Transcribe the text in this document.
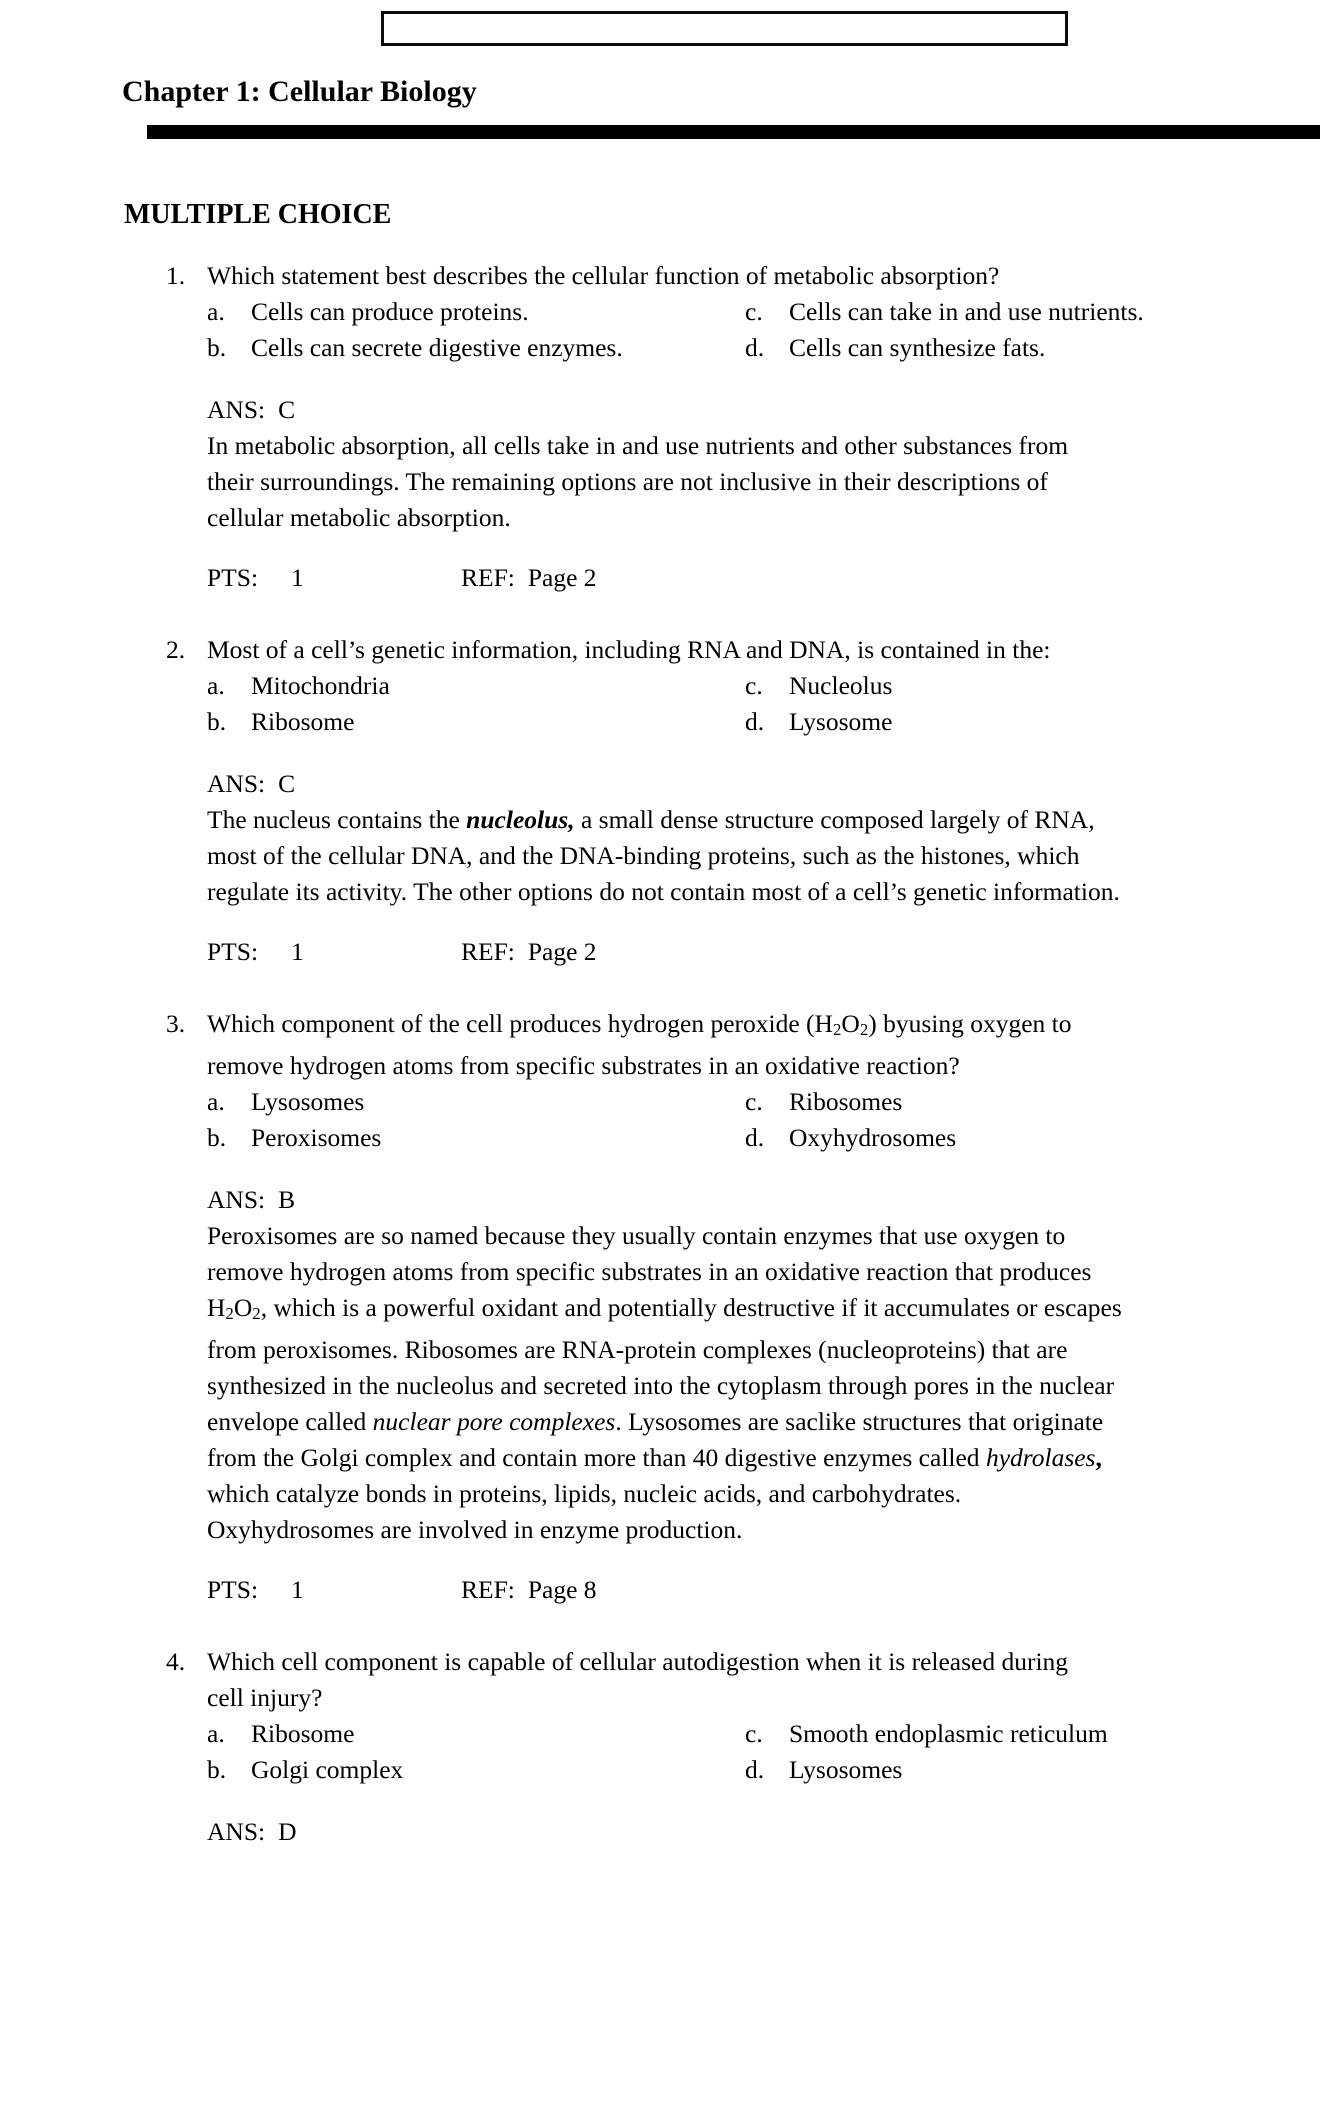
Chapter 1: Cellular Biology
MULTIPLE CHOICE
1. Which statement best describes the cellular function of metabolic absorption?
a. Cells can produce proteins.
b. Cells can secrete digestive enzymes.
c. Cells can take in and use nutrients.
d. Cells can synthesize fats.
ANS: C
In metabolic absorption, all cells take in and use nutrients and other substances from
their surroundings. The remaining options are not inclusive in their descriptions of
cellular metabolic absorption.
PTS: 1	REF: Page 2
2. Most of a cell’s genetic information, including RNA and DNA, is contained in the:
a. Mitochondria
b. Ribosome
c. Nucleolus
d. Lysosome
ANS: C
The nucleus contains the nucleolus, a small dense structure composed largely of RNA,
most of the cellular DNA, and the DNA-binding proteins, such as the histones, which
regulate its activity. The other options do not contain most of a cell’s genetic information.
PTS: 1	REF: Page 2
3. Which component of the cell produces hydrogen peroxide (H2O2) byusing oxygen to
remove hydrogen atoms from specific substrates in an oxidative reaction?
a. Lysosomes
b. Peroxisomes
c. Ribosomes
d. Oxyhydrosomes
ANS: B
Peroxisomes are so named because they usually contain enzymes that use oxygen to
remove hydrogen atoms from specific substrates in an oxidative reaction that produces
H2O2, which is a powerful oxidant and potentially destructive if it accumulates or escapes
from peroxisomes. Ribosomes are RNA-protein complexes (nucleoproteins) that are
synthesized in the nucleolus and secreted into the cytoplasm through pores in the nuclear
envelope called nuclear pore complexes. Lysosomes are saclike structures that originate
from the Golgi complex and contain more than 40 digestive enzymes called hydrolases,
which catalyze bonds in proteins, lipids, nucleic acids, and carbohydrates.
Oxyhydrosomes are involved in enzyme production.
PTS: 1	REF: Page 8
4. Which cell component is capable of cellular autodigestion when it is released during
cell injury?
a. Ribosome
b. Golgi complex
c. Smooth endoplasmic reticulum
d. Lysosomes
ANS: D
